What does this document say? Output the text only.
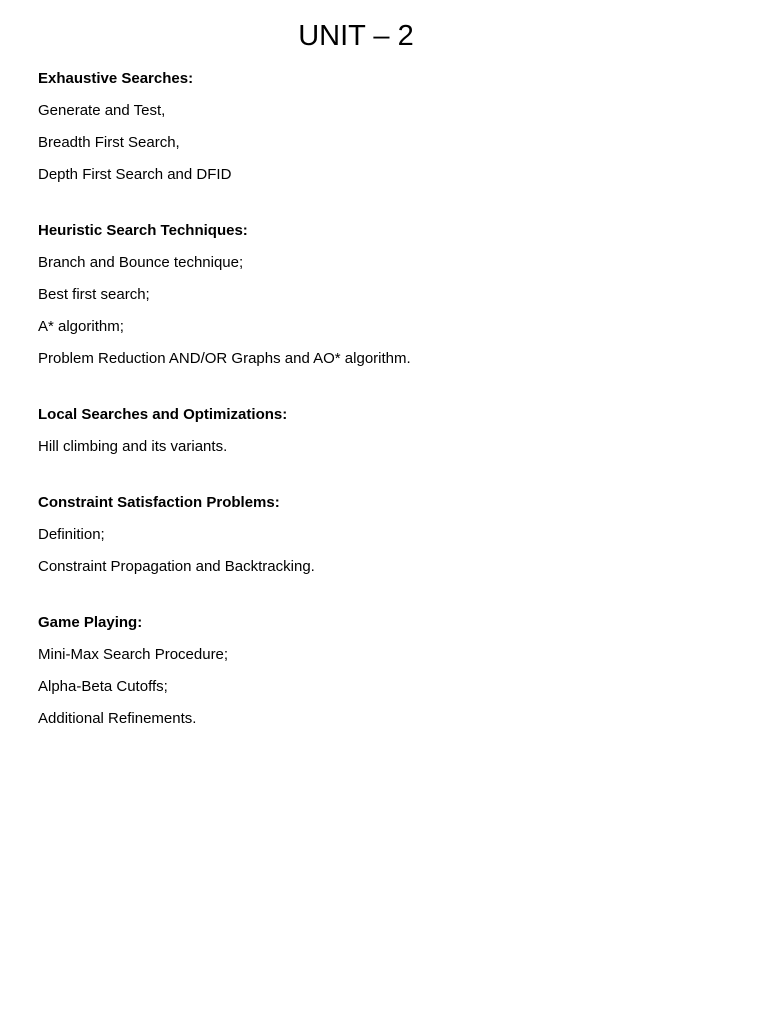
UNIT – 2
Exhaustive Searches:
Generate and Test,
Breadth First Search,
Depth First Search and DFID
Heuristic Search Techniques:
Branch and Bounce technique;
Best first search;
A* algorithm;
Problem Reduction AND/OR Graphs and AO* algorithm.
Local Searches and Optimizations:
Hill climbing and its variants.
Constraint Satisfaction Problems:
Definition;
Constraint Propagation and Backtracking.
Game Playing:
Mini-Max Search Procedure;
Alpha-Beta Cutoffs;
Additional Refinements.
